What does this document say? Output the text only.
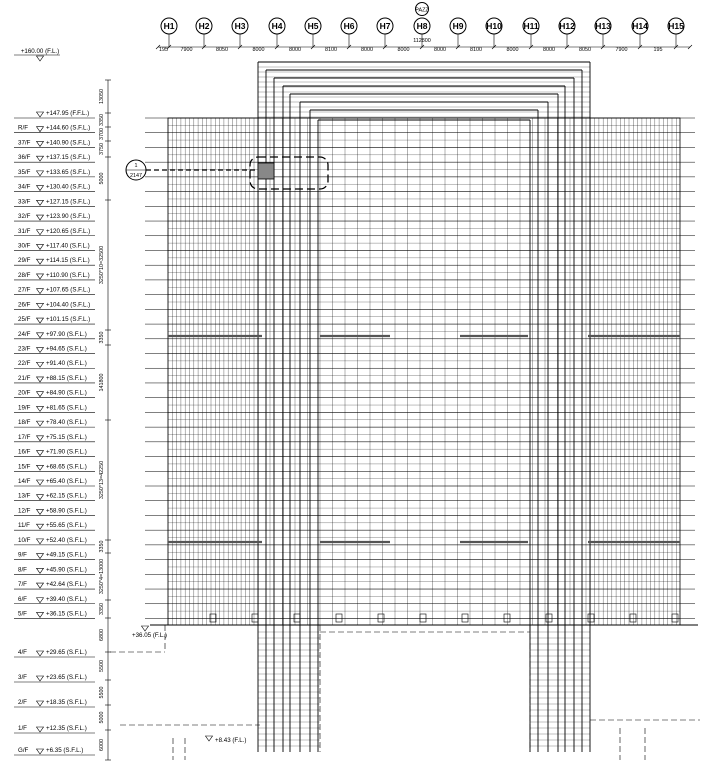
H1	H2	H3	H4	H5	H6	H7	H8	H9	H10	H11 H12 H13	H14 H15
PAZZ
195 7900	8050	8000	8000	8100	8000	8000	8000	8100	8000	8000	8050	7900	195
112800
+160.00 (F.L.)
+147.95 (F.F.L.)
R/F	+144.60 (S.F.L.)
37/F	+140.90 (S.F.L.)
36/F	+137.15 (S.F.L.)
35/F	+133.65 (S.F.L.)
34/F	+130.40 (S.F.L.)
33/F	+127.15 (S.F.L.)
32/F	+123.90 (S.F.L.)
31/F	+120.65 (S.F.L.)
30/F	+117.40 (S.F.L.)
29/F	+114.15 (S.F.L.)
28/F	+110.90 (S.F.L.)
27/F	+107.65 (S.F.L.)
26/F	+104.40 (S.F.L.)
25/F	+101.15 (S.F.L.)
24/F	+97.90 (S.F.L.)
23/F	+94.65 (S.F.L.)
22/F	+91.40 (S.F.L.)
21/F	+88.15 (S.F.L.)
20/F	+84.90 (S.F.L.)
19/F	+81.65 (S.F.L.)
18/F	+78.40 (S.F.L.)
17/F	+75.15 (S.F.L.)
16/F	+71.90 (S.F.L.)
15/F	+68.65 (S.F.L.)
14/F	+65.40 (S.F.L.)
13/F	+62.15 (S.F.L.)
12/F	+58.90 (S.F.L.)
11/F	+55.65 (S.F.L.)
10/F	+52.40 (S.F.L.)
9/F	+49.15 (S.F.L.)
8/F	+45.90 (S.F.L.)
7/F	+42.64 (S.F.L.)
6/F	+39.40 (S.F.L.)
5/F	+36.15 (S.F.L.)
4/F	+29.65 (S.F.L.)
3/F	+23.65 (S.F.L.)
2/F	+18.35 (S.F.L.)
1/F	+12.35 (S.F.L.)
G/F	+6.35 (S.F.L.)
13050
3350
3700
3750
5000
3250*10=32500
3350
141800
3250*13=42250
3350
3250*4=13000
3350
6800
5500
5500
5000
6000
+36.05 (F.L.)
+8.43 (F.L.)
1
2147
